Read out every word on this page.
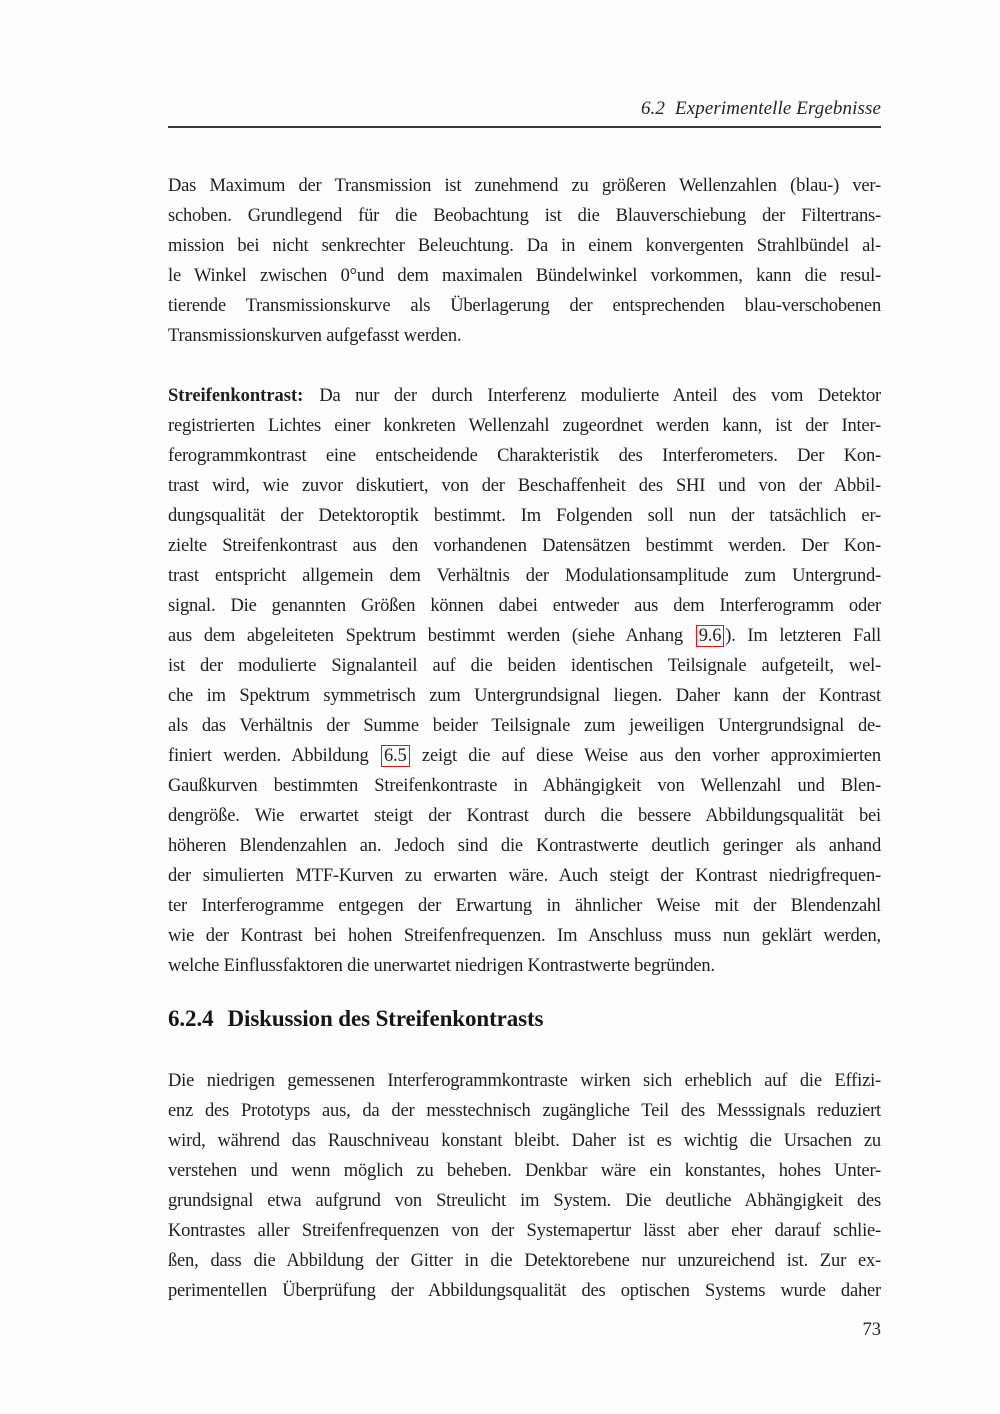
6.2 Experimentelle Ergebnisse
Das Maximum der Transmission ist zunehmend zu größeren Wellenzahlen (blau-) ver-
schoben. Grundlegend für die Beobachtung ist die Blauverschiebung der Filtertrans-
mission bei nicht senkrechter Beleuchtung. Da in einem konvergenten Strahlbündel al-
le Winkel zwischen 0°und dem maximalen Bündelwinkel vorkommen, kann die resul-
tierende Transmissionskurve als Überlagerung der entsprechenden blau-verschobenen
Transmissionskurven aufgefasst werden.
Streifenkontrast: Da nur der durch Interferenz modulierte Anteil des vom Detektor
registrierten Lichtes einer konkreten Wellenzahl zugeordnet werden kann, ist der Inter-
ferogrammkontrast eine entscheidende Charakteristik des Interferometers. Der Kon-
trast wird, wie zuvor diskutiert, von der Beschaffenheit des SHI und von der Abbil-
dungsqualität der Detektoroptik bestimmt. Im Folgenden soll nun der tatsächlich er-
zielte Streifenkontrast aus den vorhandenen Datensätzen bestimmt werden. Der Kon-
trast entspricht allgemein dem Verhältnis der Modulationsamplitude zum Untergrund-
signal. Die genannten Größen können dabei entweder aus dem Interferogramm oder
aus dem abgeleiteten Spektrum bestimmt werden (siehe Anhang 9.6 ). Im letzteren Fall
ist der modulierte Signalanteil auf die beiden identischen Teilsignale aufgeteilt, wel-
che im Spektrum symmetrisch zum Untergrundsignal liegen. Daher kann der Kontrast
als das Verhältnis der Summe beider Teilsignale zum jeweiligen Untergrundsignal de-
finiert werden. Abbildung 6.5 zeigt die auf diese Weise aus den vorher approximierten
Gaußkurven bestimmten Streifenkontraste in Abhängigkeit von Wellenzahl und Blen-
dengröße. Wie erwartet steigt der Kontrast durch die bessere Abbildungsqualität bei
höheren Blendenzahlen an. Jedoch sind die Kontrastwerte deutlich geringer als anhand
der simulierten MTF-Kurven zu erwarten wäre. Auch steigt der Kontrast niedrigfrequen-
ter Interferogramme entgegen der Erwartung in ähnlicher Weise mit der Blendenzahl
wie der Kontrast bei hohen Streifenfrequenzen. Im Anschluss muss nun geklärt werden,
welche Einflussfaktoren die unerwartet niedrigen Kontrastwerte begründen.
6.2.4 Diskussion des Streifenkontrasts
Die niedrigen gemessenen Interferogrammkontraste wirken sich erheblich auf die Effizi-
enz des Prototyps aus, da der messtechnisch zugängliche Teil des Messsignals reduziert
wird, während das Rauschniveau konstant bleibt. Daher ist es wichtig die Ursachen zu
verstehen und wenn möglich zu beheben. Denkbar wäre ein konstantes, hohes Unter-
grundsignal etwa aufgrund von Streulicht im System. Die deutliche Abhängigkeit des
Kontrastes aller Streifenfrequenzen von der Systemapertur lässt aber eher darauf schlie-
ßen, dass die Abbildung der Gitter in die Detektorebene nur unzureichend ist. Zur ex-
perimentellen Überprüfung der Abbildungsqualität des optischen Systems wurde daher
73
